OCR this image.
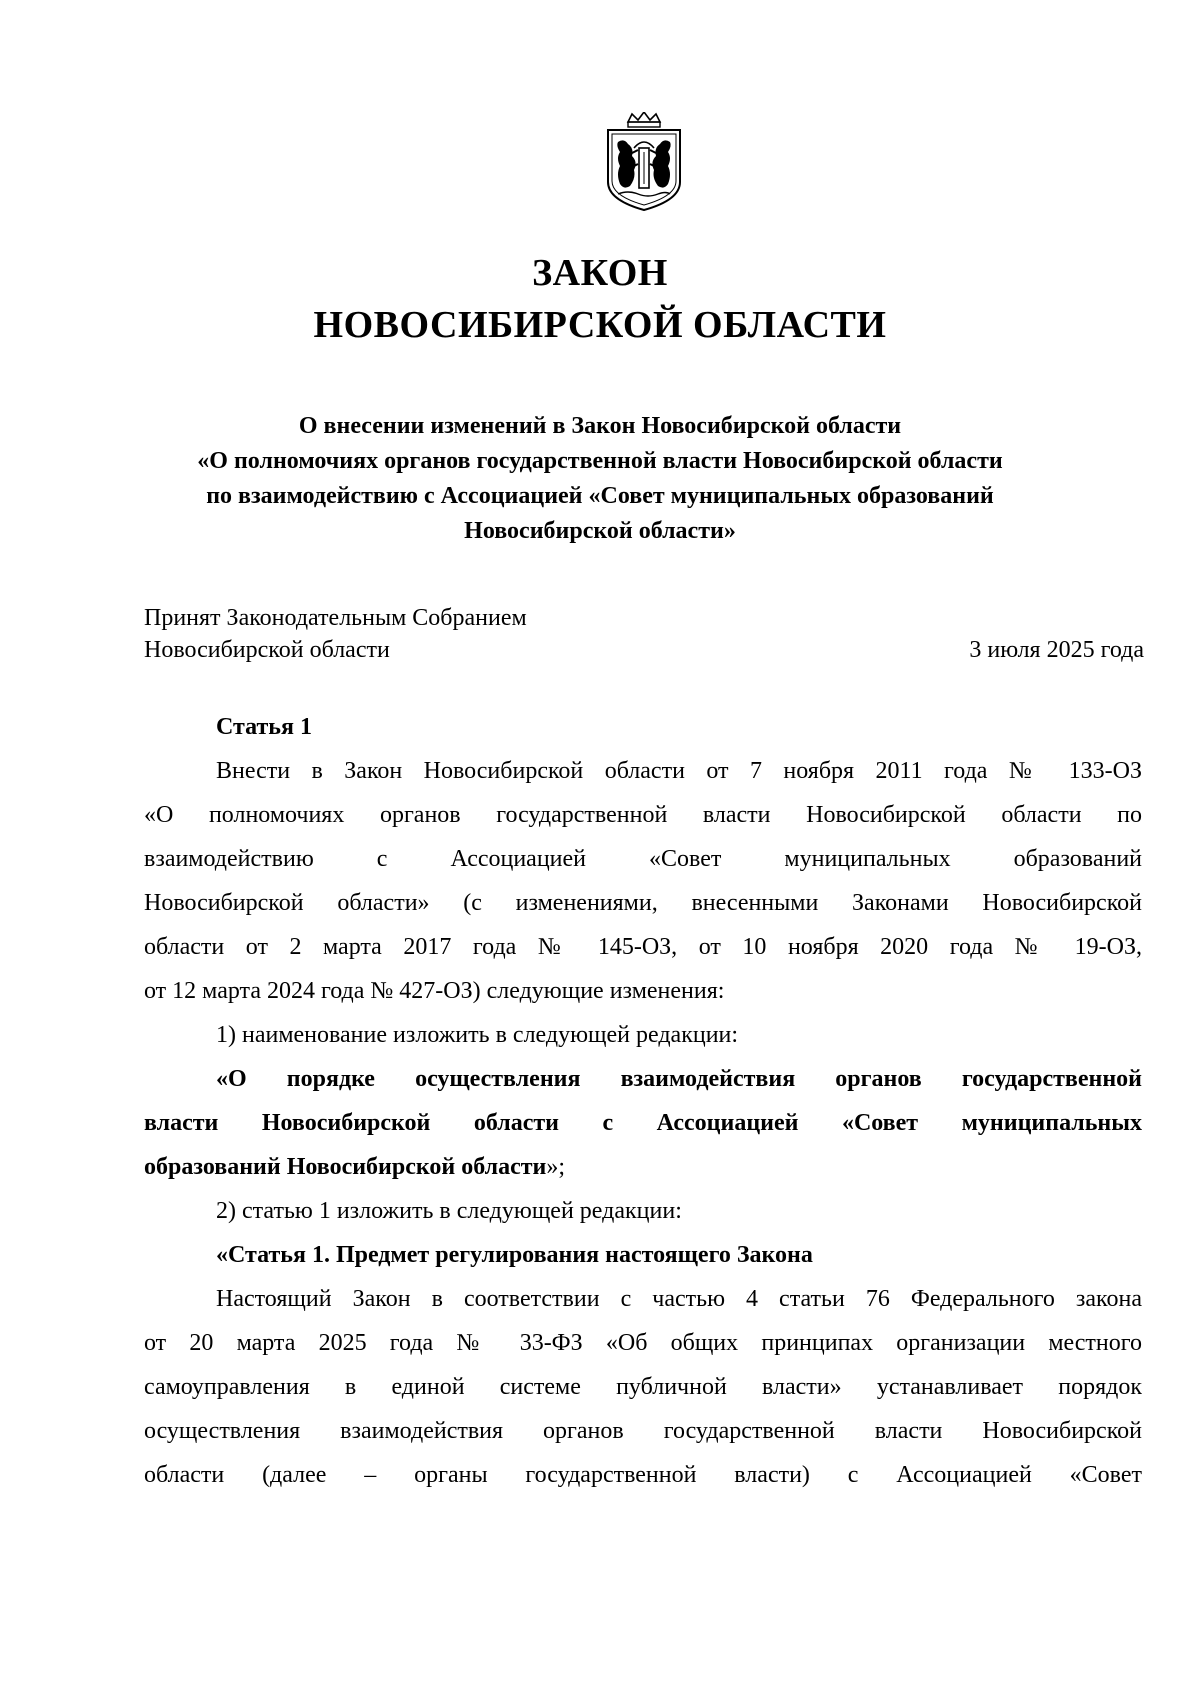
ЗАКОН
НОВОСИБИРСКОЙ ОБЛАСТИ
О внесении изменений в Закон Новосибирской области
«О полномочиях органов государственной власти Новосибирской области
по взаимодействию с Ассоциацией «Совет муниципальных образований
Новосибирской области»
Принят Законодательным Собранием
Новосибирской области	3 июля 2025 года
Статья 1
Внести в Закон Новосибирской области от 7 ноября 2011 года № 133-ОЗ
«О полномочиях органов государственной власти Новосибирской области по
взаимодействию с Ассоциацией «Совет муниципальных образований
Новосибирской области» (с изменениями, внесенными Законами Новосибирской
области от 2 марта 2017 года № 145-ОЗ, от 10 ноября 2020 года № 19-ОЗ,
от 12 марта 2024 года № 427-ОЗ) следующие изменения:
1) наименование изложить в следующей редакции:
«О порядке осуществления взаимодействия органов государственной
власти Новосибирской области с Ассоциацией «Совет муниципальных
образований Новосибирской области»;
2) статью 1 изложить в следующей редакции:
«Статья 1. Предмет регулирования настоящего Закона
Настоящий Закон в соответствии с частью 4 статьи 76 Федерального закона
от 20 марта 2025 года № 33-ФЗ «Об общих принципах организации местного
самоуправления в единой системе публичной власти» устанавливает порядок
осуществления взаимодействия органов государственной власти Новосибирской
области (далее – органы государственной власти) с Ассоциацией «Совет
